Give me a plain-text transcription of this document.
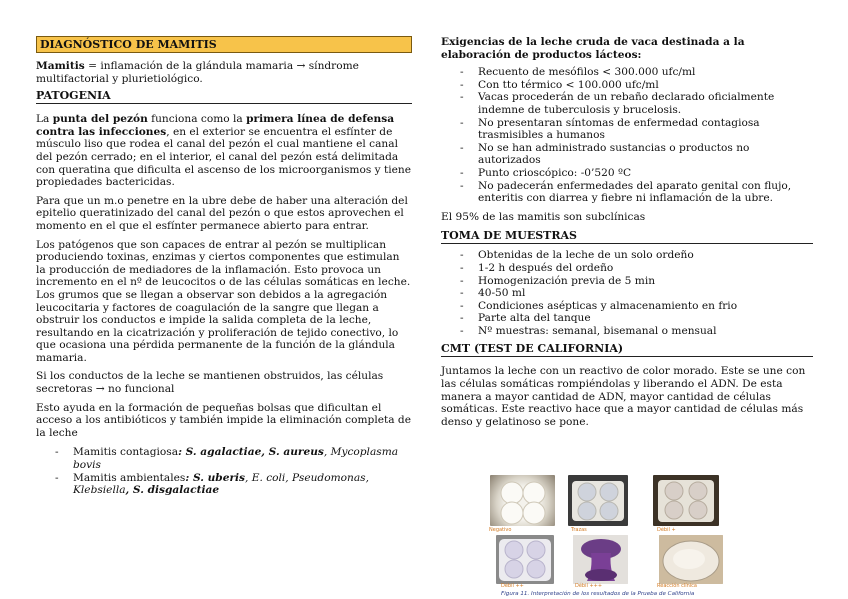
DIAGNÓSTICO DE MAMITIS

Mamitis = inflamación de la glándula mamaria → síndrome multifactorial y plurietiológico.

PATOGENIA

La punta del pezón funciona como la primera línea de defensa contra las infecciones, en el exterior se encuentra el esfínter de músculo liso que rodea el canal del pezón el cual mantiene el canal del pezón cerrado; en el interior, el canal del pezón está delimitada con queratina que dificulta el ascenso de los microorganismos y tiene propiedades bactericidas.

Para que un m.o penetre en la ubre debe de haber una alteración del epitelio queratinizado del canal del pezón o que estos aprovechen el momento en el que el esfínter permanece abierto para entrar.

Los patógenos que son capaces de entrar al pezón se multiplican produciendo toxinas, enzimas y ciertos componentes que estimulan la producción de mediadores de la inflamación. Esto provoca un incremento en el nº de leucocitos o de las células somáticas en leche. Los grumos que se llegan a observar son debidos a la agregación leucocitaria y factores de coagulación de la sangre que llegan a obstruir los conductos e impide la salida completa de la leche, resultando en la cicatrización y proliferación de tejido conectivo, lo que ocasiona una pérdida permanente de la función de la glándula mamaria.

Si los conductos de la leche se mantienen obstruidos, las células secretoras → no funcional

Esto ayuda en la formación de pequeñas bolsas que dificultan el acceso a los antibióticos y también impide la eliminación completa de la leche

- Mamitis contagiosa: S. agalactiae, S. aureus, Mycoplasma bovis
- Mamitis ambientales: S. uberis, E. coli, Pseudomonas, Klebsiella, S. disgalactiae

Exigencias de la leche cruda de vaca destinada a la elaboración de productos lácteos:

- Recuento de mesófilos < 300.000 ufc/ml
- Con tto térmico < 100.000 ufc/ml
- Vacas procederán de un rebaño declarado oficialmente indemne de tuberculosis y brucelosis.
- No presentaran síntomas de enfermedad contagiosa trasmisibles a humanos
- No se han administrado sustancias o productos no autorizados
- Punto crioscópico: -0’520 ºC
- No padecerán enfermedades del aparato genital con flujo, enteritis con diarrea y fiebre ni inflamación de la ubre.

El 95% de las mamitis son subclínicas

TOMA DE MUESTRAS
- Obtenidas de la leche de un solo ordeño
- 1-2 h después del ordeño
- Homogenización previa de 5 min
- 40-50 ml
- Condiciones asépticas y almacenamiento en frio
- Parte alta del tanque
- Nº muestras: semanal, bisemanal o mensual
CMT (TEST DE CALIFORNIA)

Juntamos la leche con un reactivo de color morado. Este se une con las células somáticas rompiéndolas y liberando el ADN. De esta manera a mayor cantidad de ADN, mayor cantidad de células somáticas. Este reactivo hace que a mayor cantidad de células más denso y gelatinoso se pone.

Negativo	Trazas	Débil +
Débil ++	Débil +++	Reacción clínica
Figura 11. Interpretación de los resultados de la Prueba de California
